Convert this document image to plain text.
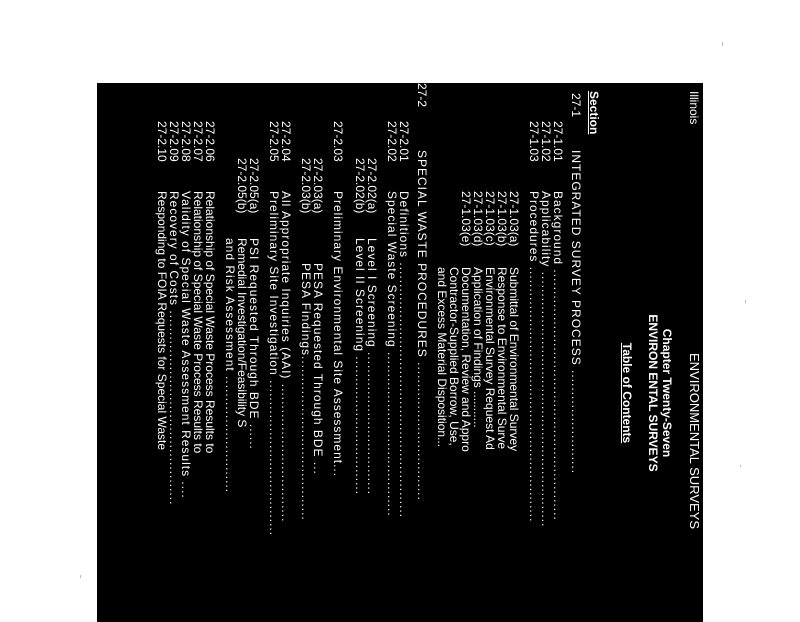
Illinois
ENVIRONMENTAL SURVEYS
Chapter Twenty-Seven
ENVIRON ENTAL SURVEYS
Table of Contents
Section
27-1
INTEGRATED SURVEY PROCESS ........................
27-1.01
Background ..........................................................
27-1.02
Applicability ...........................................................
27-1.03
Procedures ...........................................................
27-1.03(a)
Submittal of Environmental Survey
27-1.03(b)
Response to Environmental Surve
27-1.03(c)
Environmental Survey Request Ad
27-1.03(d)
Application of Findings ...........
27-1.03(e)
Documentation, Review and Appro
Contractor-Supplied Borrow, Use,
and Excess Material Disposition...
27-2
SPECIAL WASTE PROCEDURES ................................
27-2.01
Definitions ...........................................................
27-2.02
Special Waste Screening ......................................
27-2.02(a)
Level I Screening .................................
27-2.02(b)
Level II Screening ................................
27-2.03
Preliminary Environmental Site Assessment...
27-2.03(a)
PESA Requested Through BDE ...
27-2.03(b)
PESA Findings......................................
27-2.04
All Appropriate Inquiries (AAI) ................................
27-2.05
Preliminary Site Investigation ....................................
27-2.05(a)
PSI Requested Through BDE ......
27-2.05(b)
Remedial Investigation/Feasibility S
and Risk Assessment ...........................
27-2.06
Relationship of Special Waste Process Results to
27-2.07
Relationship of Special Waste Process Results to
27-2.08
Validity of Special Waste Assessment Results ....
27-2.09
Recovery of Costs .............................................
27-2.10
Responding to FOIA Requests for Special Waste
